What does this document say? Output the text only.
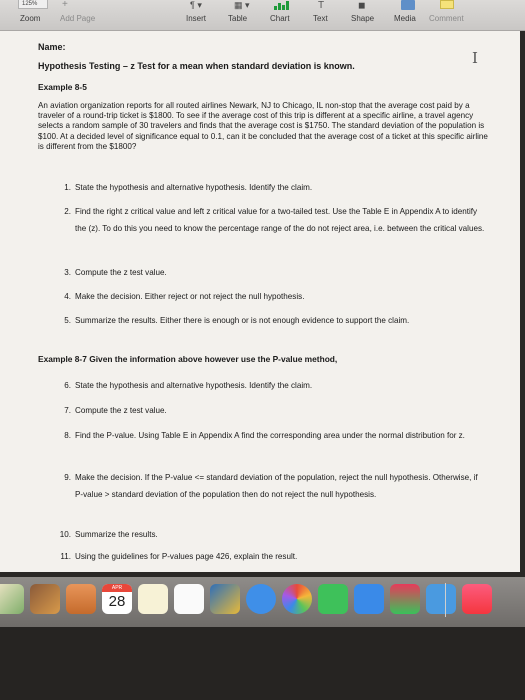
125%
Zoom
+
Add Page
¶ ▾
Insert
▦ ▾
Table	Chart
T
Text
◼
Shape Media Comment
I
Name:
Hypothesis Testing – z Test for a mean when standard deviation is known.
Example 8-5
An aviation organization reports for all routed airlines Newark, NJ to Chicago, IL non-stop that the average cost paid by a traveler of a round-trip ticket is $1800. To see if the average cost of this trip is different at a specific airline, a travel agency selects a random sample of 30 travelers and finds that the average cost is $1750. The standard deviation of the population is $100. At a decided level of significance equal to 0.1, can it be concluded that the average cost of a ticket at this specific airline is different from the $1800?
1. State the hypothesis and alternative hypothesis. Identify the claim.
2. Find the right z critical value and left z critical value for a two-tailed test. Use the Table E in Appendix A to identify the (z). To do this you need to know the percentage range of the do not reject area, i.e. between the critical values.
3. Compute the z test value.
4. Make the decision. Either reject or not reject the null hypothesis.
5. Summarize the results. Either there is enough or is not enough evidence to support the claim.
Example 8-7 Given the information above however use the P-value method,
6. State the hypothesis and alternative hypothesis. Identify the claim.
7. Compute the z test value.
8. Find the P-value. Using Table E in Appendix A find the corresponding area under the normal distribution for z.
9. Make the decision. If the P-value <= standard deviation of the population, reject the null hypothesis. Otherwise, if P-value > standard deviation of the population then do not reject the null hypothesis.
10. Summarize the results.
11. Using the guidelines for P-values page 426, explain the result.
APR
28
